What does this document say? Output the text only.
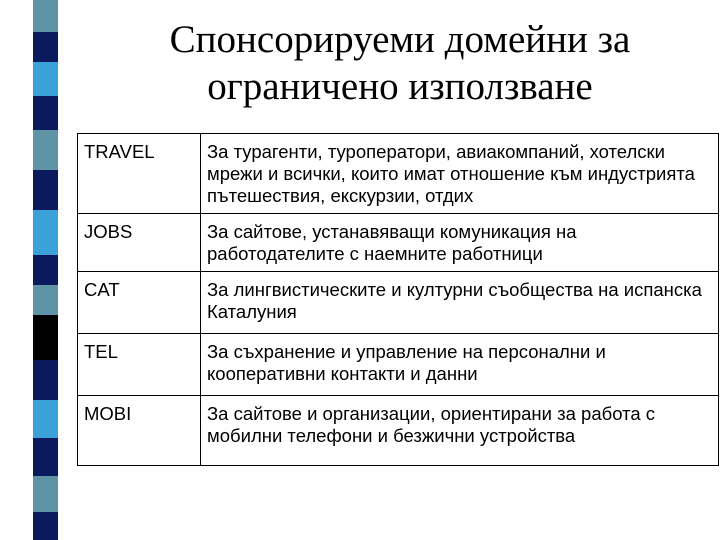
Спонсорируеми домейни за
ограничено използване
TRAVEL	За турагенти, туроператори, авиакомпаний, хотелски мрежи и всички, които имат отношение към индустрията пътешествия, екскурзии, отдих
JOBS	За сайтове, устанавяващи комуникация на работодателите с наемните работници
CAT	За лингвистическите и културни съобщества на испанска Каталуния
TEL	За съхранение и управление на персонални и кооперативни контакти и данни
MOBI	За сайтове и организации, ориентирани за работа с мобилни телефони и безжични устройства
